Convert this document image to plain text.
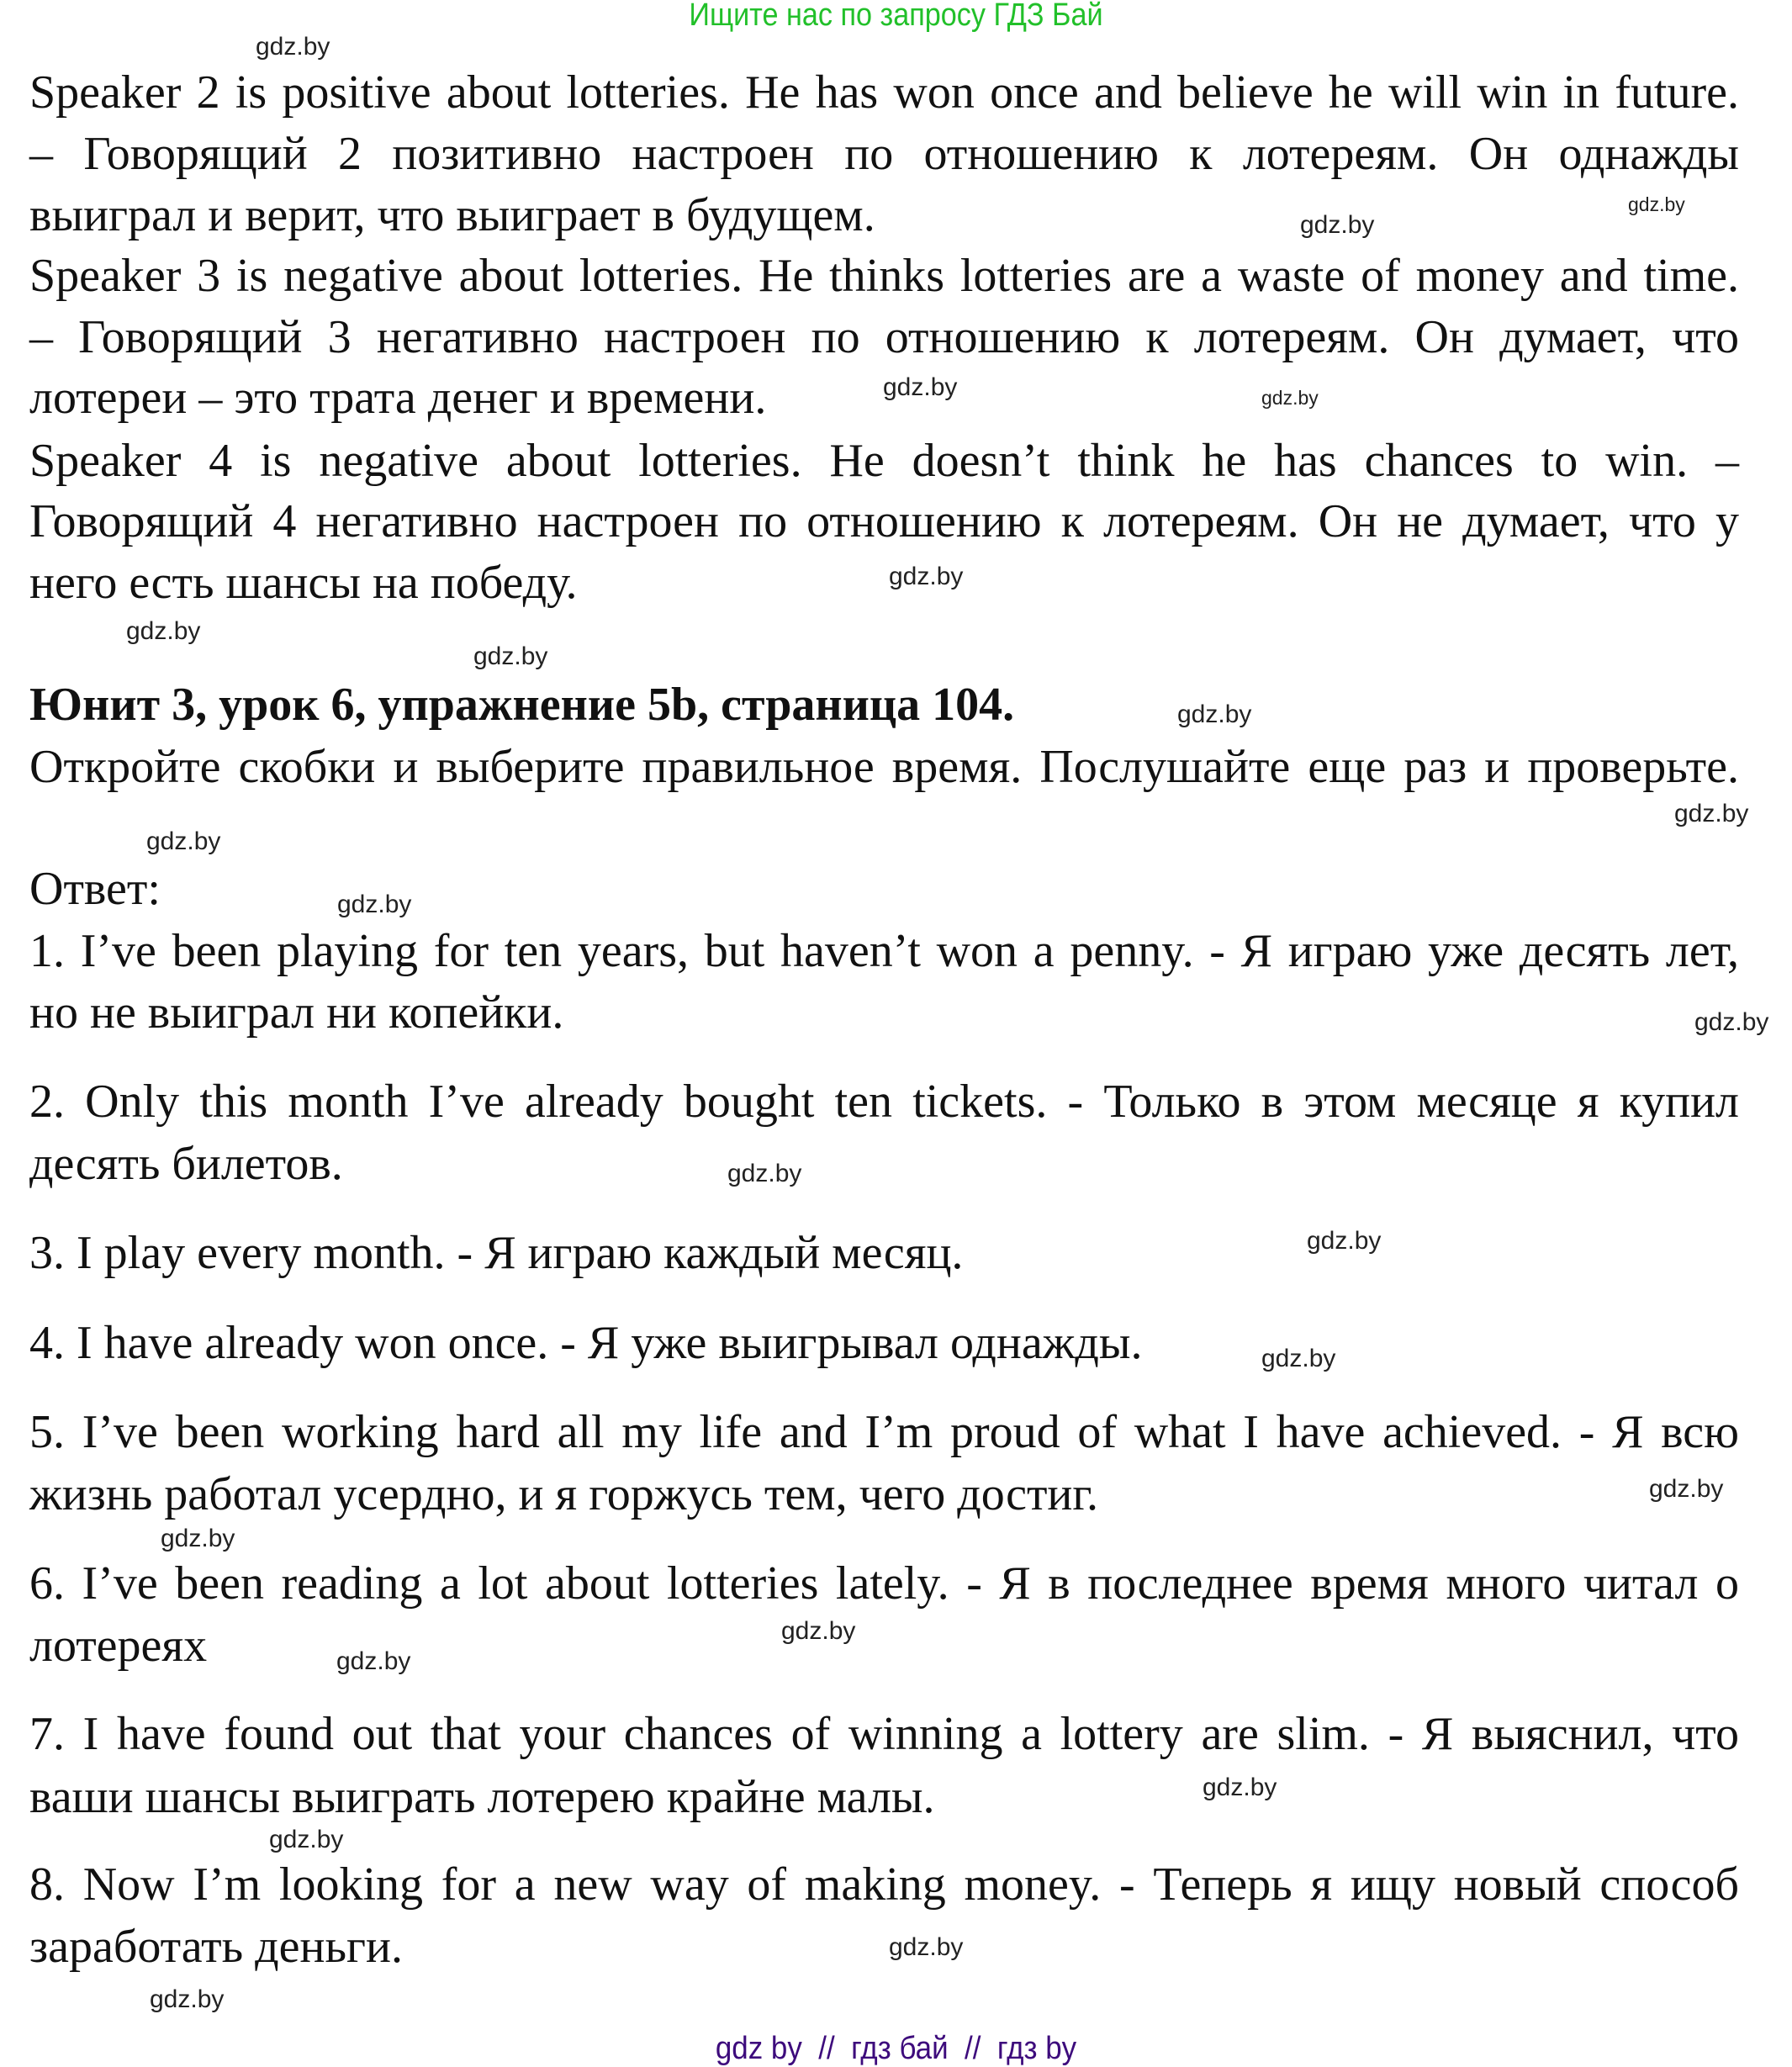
Ищите нас по запросу ГДЗ Бай
Speaker 2 is positive about lotteries. He has won once and believe he will win in future.
– Говорящий 2 позитивно настроен по отношению к лотереям. Он однажды
выиграл и верит, что выиграет в будущем.
Speaker 3 is negative about lotteries. He thinks lotteries are a waste of money and time.
– Говорящий 3 негативно настроен по отношению к лотереям. Он думает, что
лотереи – это трата денег и времени.
Speaker 4 is negative about lotteries. He doesn’t think he has chances to win. –
Говорящий 4 негативно настроен по отношению к лотереям. Он не думает, что у
него есть шансы на победу.
Юнит 3, урок 6, упражнение 5b, страница 104.
Откройте скобки и выберите правильное время. Послушайте еще раз и проверьте.
Ответ:
1. I’ve been playing for ten years, but haven’t won a penny. - Я играю уже десять лет,
но не выиграл ни копейки.
2. Only this month I’ve already bought ten tickets. - Только в этом месяце я купил
десять билетов.
3. I play every month. - Я играю каждый месяц.
4. I have already won once. - Я уже выигрывал однажды.
5. I’ve been working hard all my life and I’m proud of what I have achieved. - Я всю
жизнь работал усердно, и я горжусь тем, чего достиг.
6. I’ve been reading a lot about lotteries lately. - Я в последнее время много читал о
лотереях
7. I have found out that your chances of winning a lottery are slim. - Я выяснил, что
ваши шансы выиграть лотерею крайне малы.
8. Now I’m looking for a new way of making money. - Теперь я ищу новый способ
заработать деньги.
gdz.by
gdz.by
gdz.by
gdz.by
gdz.by
gdz.by
gdz.by
gdz.by
gdz.by
gdz.by
gdz.by
gdz.by
gdz.by
gdz.by
gdz.by
gdz.by
gdz.by
gdz.by
gdz.by
gdz.by
gdz.by
gdz.by
gdz.by
gdz.by
gdz by  //  гдз бай  //  гдз by
